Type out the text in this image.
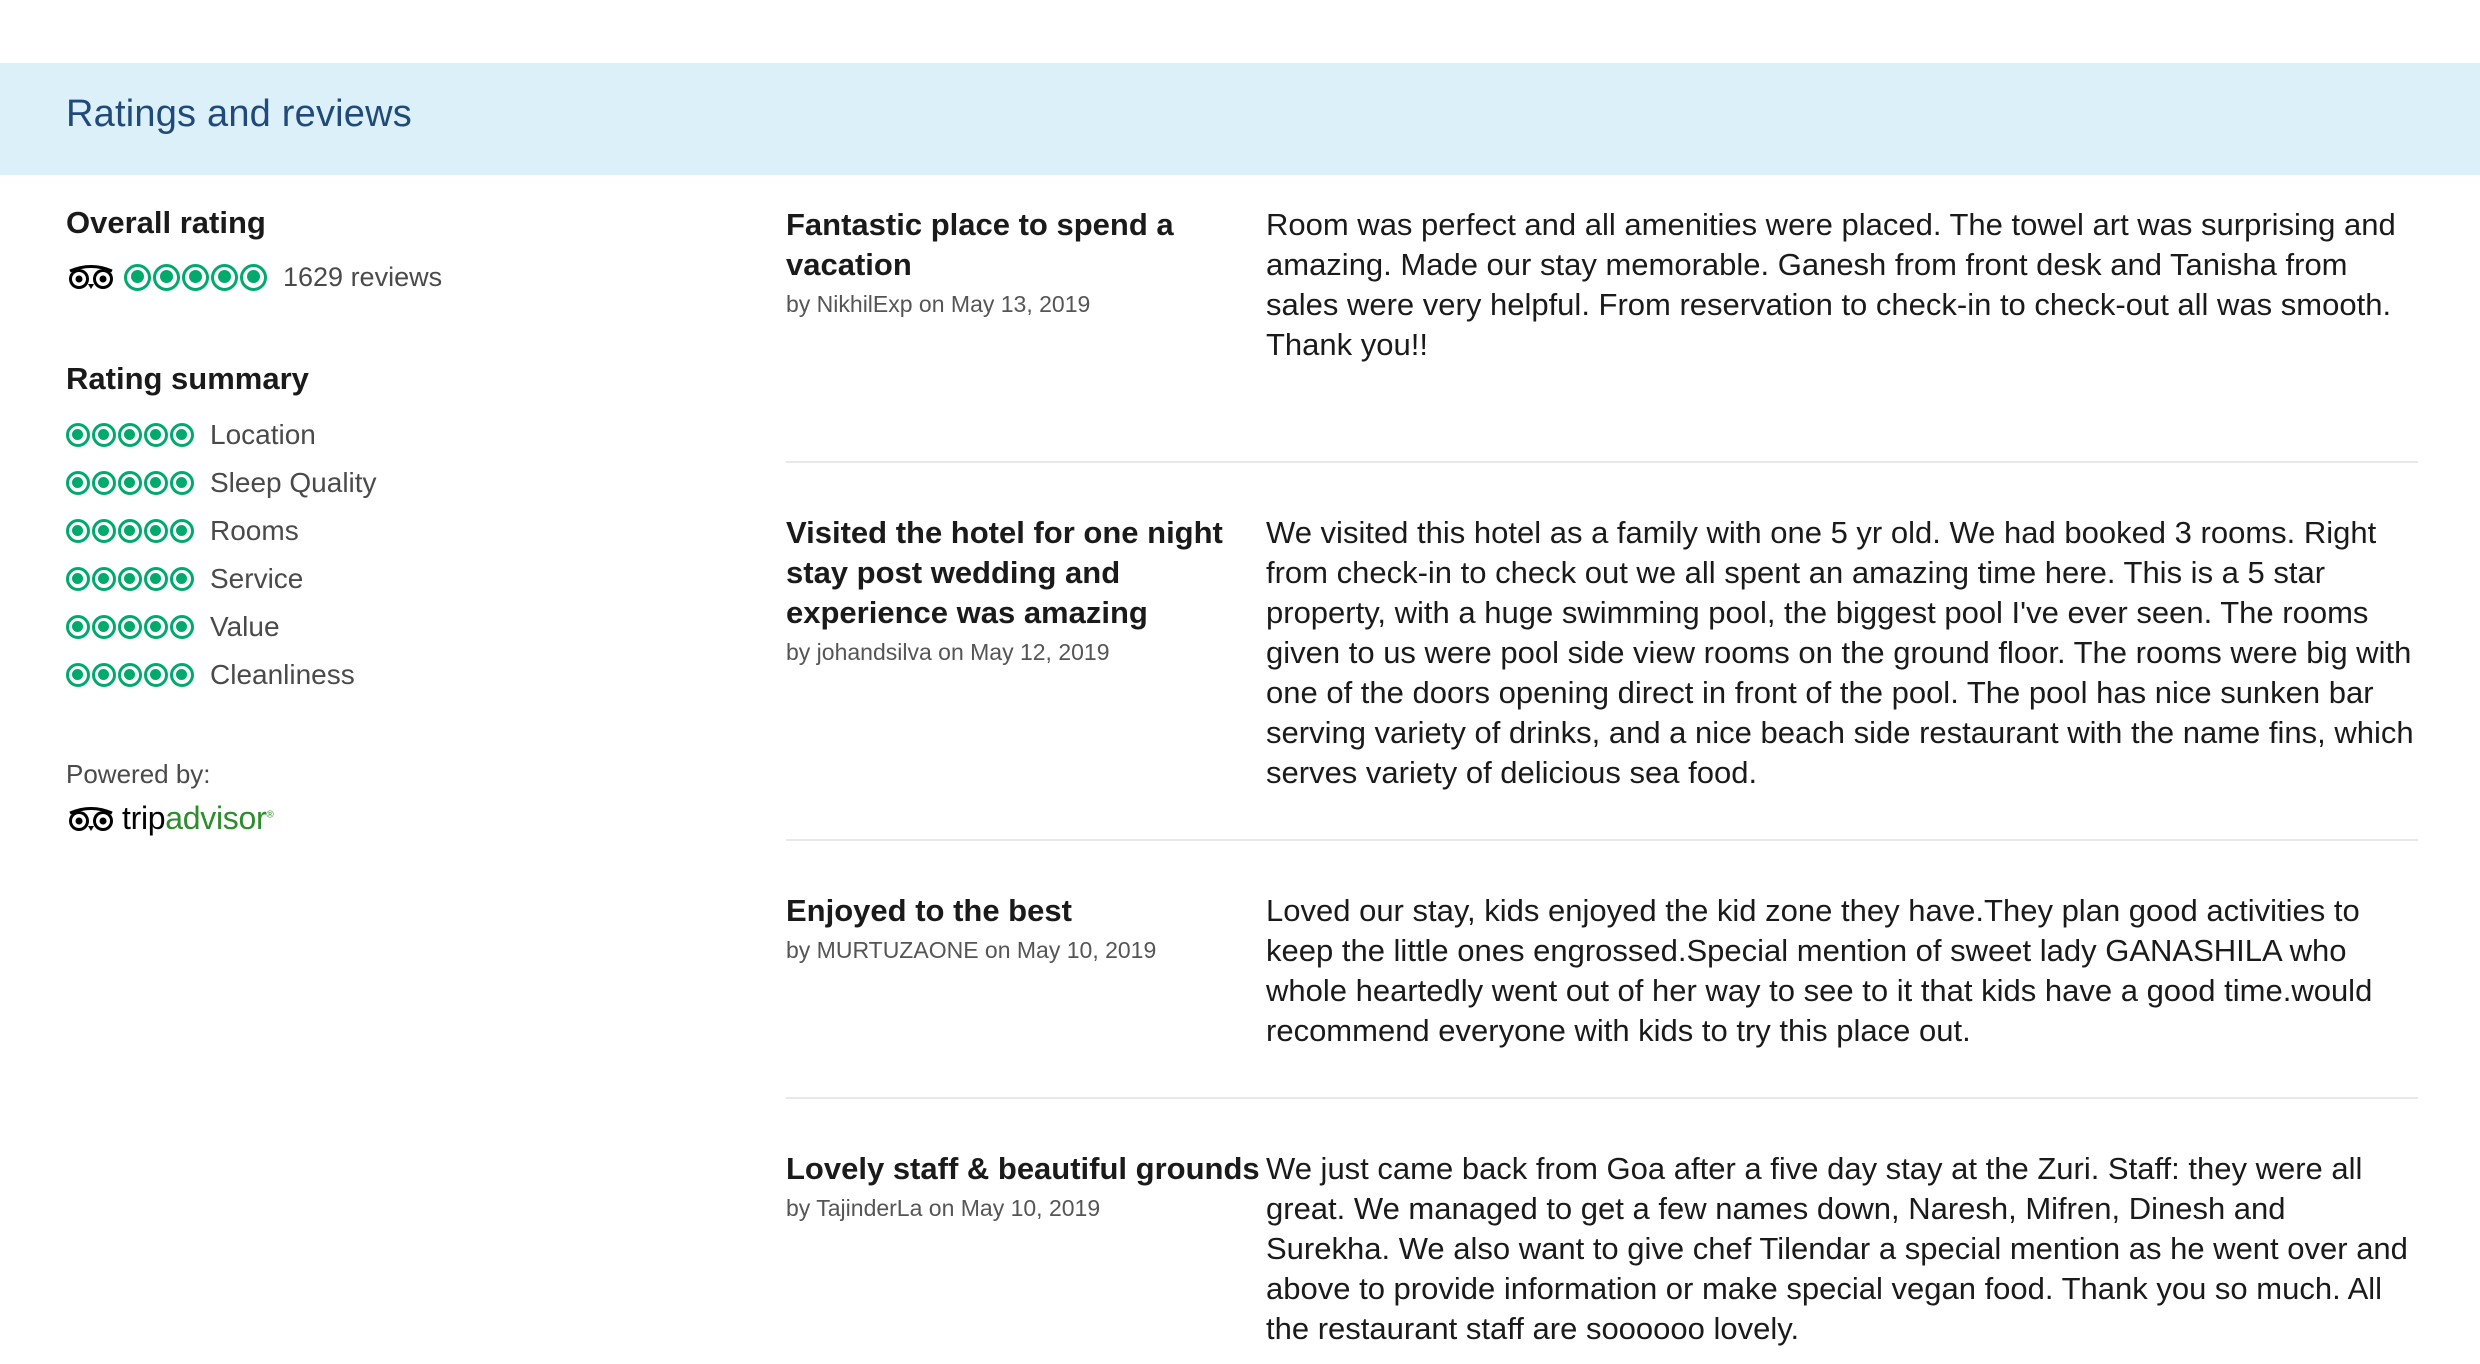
Ratings and reviews
Overall rating
1629 reviews
Rating summary
Location
Sleep Quality
Rooms
Service
Value
Cleanliness
Powered by:
tripadvisor®
Fantastic place to spend a vacation
by NikhilExp on May 13, 2019
Room was perfect and all amenities were placed. The towel art was surprising and amazing. Made our stay memorable. Ganesh from front desk and Tanisha from sales were very helpful. From reservation to check-in to check-out all was smooth. Thank you!!
Visited the hotel for one night stay post wedding and experience was amazing
by johandsilva on May 12, 2019
We visited this hotel as a family with one 5 yr old. We had booked 3 rooms. Right from check-in to check out we all spent an amazing time here. This is a 5 star property, with a huge swimming pool, the biggest pool I've ever seen. The rooms given to us were pool side view rooms on the ground floor. The rooms were big with one of the doors opening direct in front of the pool. The pool has nice sunken bar serving variety of drinks, and a nice beach side restaurant with the name fins, which serves variety of delicious sea food.
Enjoyed to the best
by MURTUZAONE on May 10, 2019
Loved our stay, kids enjoyed the kid zone they have.They plan good activities to keep the little ones engrossed.Special mention of sweet lady GANASHILA who whole heartedly went out of her way to see to it that kids have a good time.would recommend everyone with kids to try this place out.
Lovely staff & beautiful grounds
by TajinderLa on May 10, 2019
We just came back from Goa after a five day stay at the Zuri. Staff: they were all great. We managed to get a few names down, Naresh, Mifren, Dinesh and Surekha. We also want to give chef Tilendar a special mention as he went over and above to provide information or make special vegan food. Thank you so much. All the restaurant staff are soooooo lovely.
